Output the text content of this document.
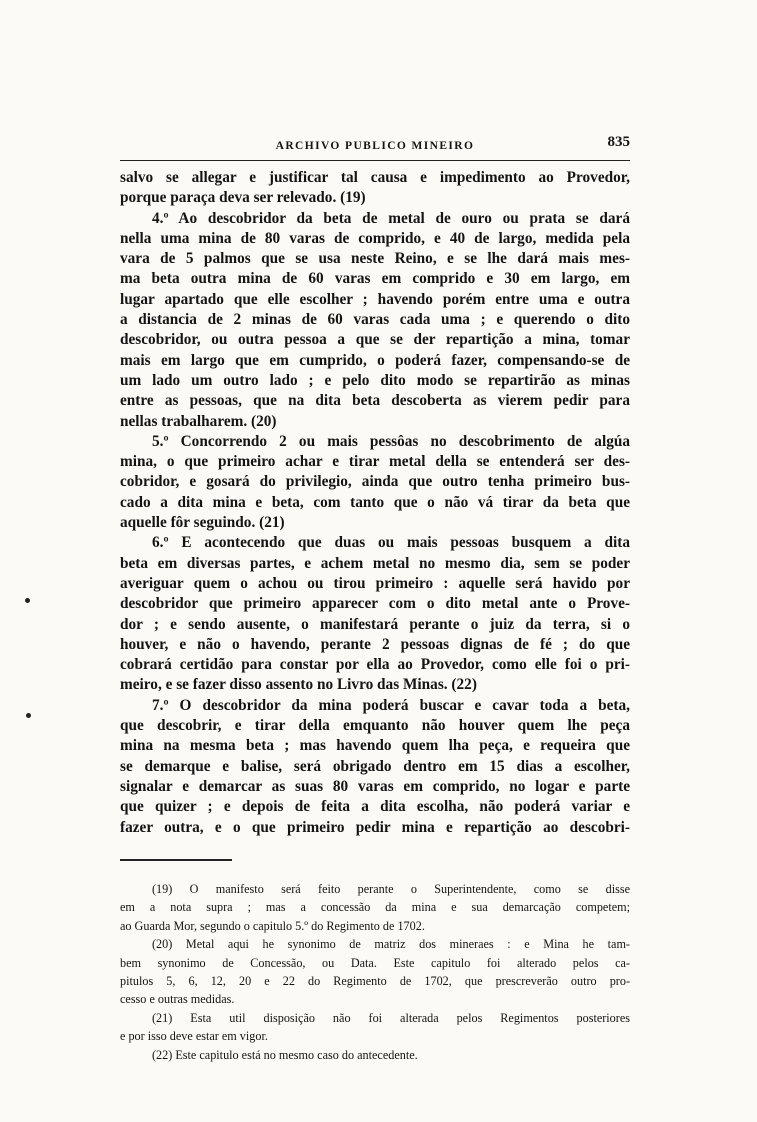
ARCHIVO PUBLICO MINEIRO	835
salvo se allegar e justificar tal causa e impedimento ao Provedor,
porque paraça deva ser relevado. (19)
4.º Ao descobridor da beta de metal de ouro ou prata se dará
nella uma mina de 80 varas de comprido, e 40 de largo, medida pela
vara de 5 palmos que se usa neste Reino, e se lhe dará mais mes-
ma beta outra mina de 60 varas em comprido e 30 em largo, em
lugar apartado que elle escolher ; havendo porém entre uma e outra
a distancia de 2 minas de 60 varas cada uma ; e querendo o dito
descobridor, ou outra pessoa a que se der repartição a mina, tomar
mais em largo que em cumprido, o poderá fazer, compensando-se de
um lado um outro lado ; e pelo dito modo se repartirão as minas
entre as pessoas, que na dita beta descoberta as vierem pedir para
nellas trabalharem. (20)
5.º Concorrendo 2 ou mais pessôas no descobrimento de algúa
mina, o que primeiro achar e tirar metal della se entenderá ser des-
cobridor, e gosará do privilegio, ainda que outro tenha primeiro bus-
cado a dita mina e beta, com tanto que o não vá tirar da beta que
aquelle fôr seguindo. (21)
6.º E acontecendo que duas ou mais pessoas busquem a dita
beta em diversas partes, e achem metal no mesmo dia, sem se poder
averiguar quem o achou ou tirou primeiro : aquelle será havido por
descobridor que primeiro apparecer com o dito metal ante o Prove-
dor ; e sendo ausente, o manifestará perante o juiz da terra, si o
houver, e não o havendo, perante 2 pessoas dignas de fé ; do que
cobrará certidão para constar por ella ao Provedor, como elle foi o pri-
meiro, e se fazer disso assento no Livro das Minas. (22)
7.º O descobridor da mina poderá buscar e cavar toda a beta,
que descobrir, e tirar della emquanto não houver quem lhe peça
mina na mesma beta ; mas havendo quem lha peça, e requeira que
se demarque e balise, será obrigado dentro em 15 dias a escolher,
signalar e demarcar as suas 80 varas em comprido, no logar e parte
que quizer ; e depois de feita a dita escolha, não poderá variar e
fazer outra, e o que primeiro pedir mina e repartição ao descobri-
(19) O manifesto será feito perante o Superintendente, como se disse
em a nota supra ; mas a concessão da mina e sua demarcação competem;
ao Guarda Mor, segundo o capitulo 5.º do Regimento de 1702.
(20) Metal aqui he synonimo de matriz dos mineraes : e Mina he tam-
bem synonimo de Concessão, ou Data. Este capitulo foi alterado pelos ca-
pitulos 5, 6, 12, 20 e 22 do Regimento de 1702, que prescreverão outro pro-
cesso e outras medidas.
(21) Esta util disposição não foi alterada pelos Regimentos posteriores
e por isso deve estar em vigor.
(22) Este capitulo está no mesmo caso do antecedente.
